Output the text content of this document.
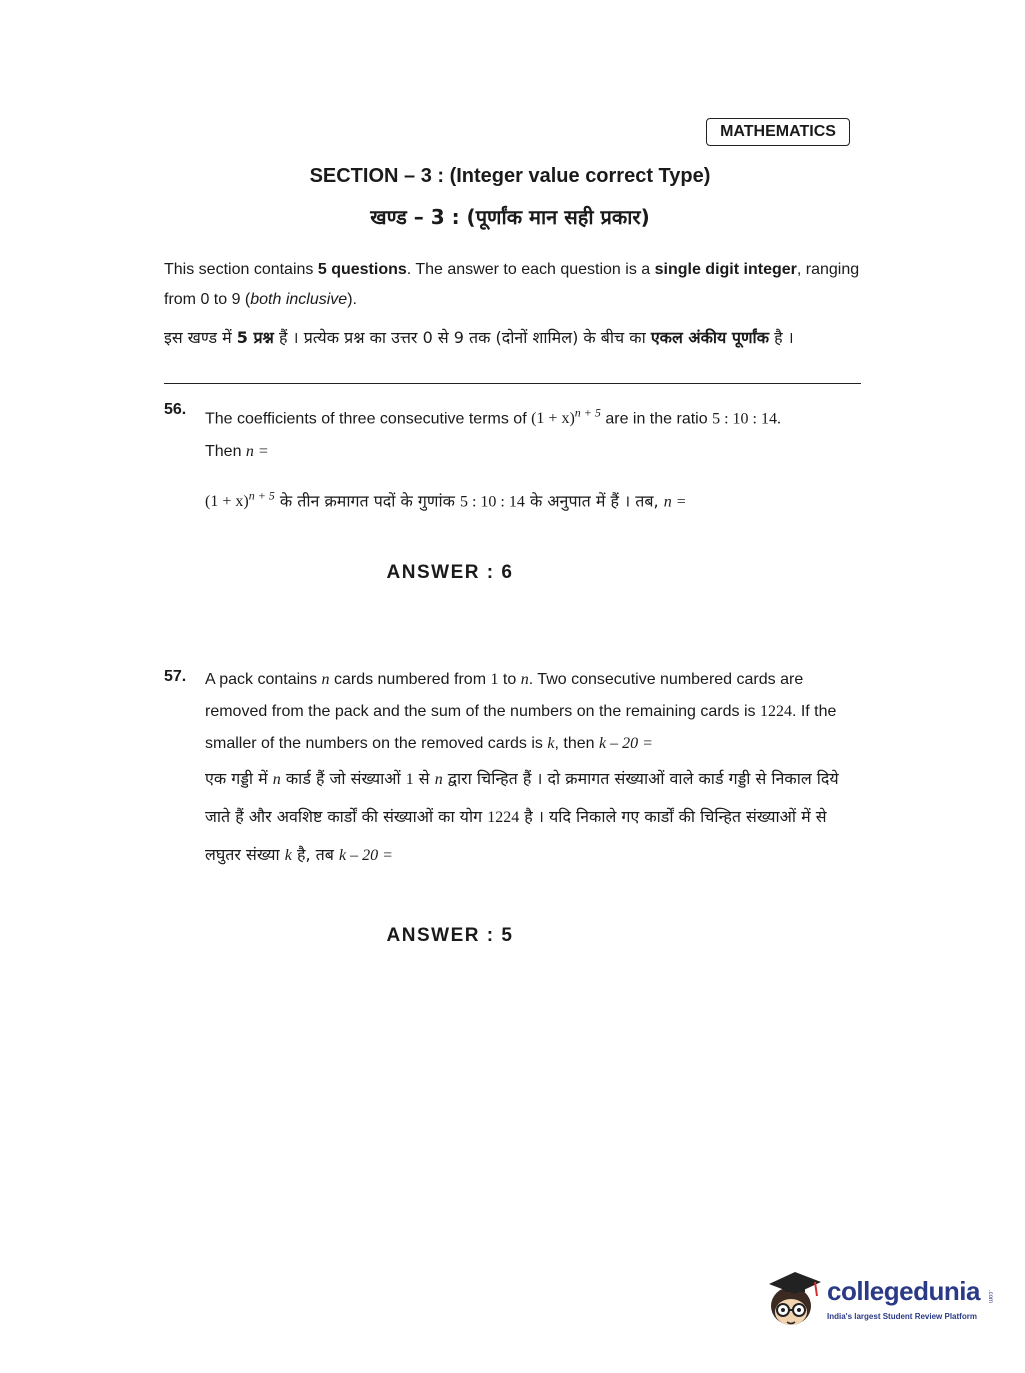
MATHEMATICS
SECTION – 3 : (Integer value correct Type)
खण्ड – 3 : (पूर्णांक मान सही प्रकार)
This section contains 5 questions. The answer to each question is a single digit integer, ranging from 0 to 9 (both inclusive).
इस खण्ड में 5 प्रश्न हैं । प्रत्येक प्रश्न का उत्तर 0 से 9 तक (दोनों शामिल) के बीच का एकल अंकीय पूर्णांक है ।
56.
The coefficients of three consecutive terms of $(1 + x)^{n + 5}$ are in the ratio 5 : 10 : 14.
Then n =
$(1 + x)^{n + 5}$ के तीन क्रमागत पदों के गुणांक 5 : 10 : 14 के अनुपात में हैं । तब, n =
ANSWER : 6
57. A pack contains n cards numbered from 1 to n. Two consecutive numbered cards are removed from the pack and the sum of the numbers on the remaining cards is 1224. If the smaller of the numbers on the removed cards is k, then k – 20 =
एक गड्डी में n कार्ड हैं जो संख्याओं 1 से n द्वारा चिन्हित हैं । दो क्रमागत संख्याओं वाले कार्ड गड्डी से निकाल दिये जाते हैं और अवशिष्ट कार्डों की संख्याओं का योग 1224 है । यदि निकाले गए कार्डों की चिन्हित संख्याओं में से लघुतर संख्या k है, तब k – 20 =
ANSWER : 5
collegedunia .com
India's largest Student Review Platform
